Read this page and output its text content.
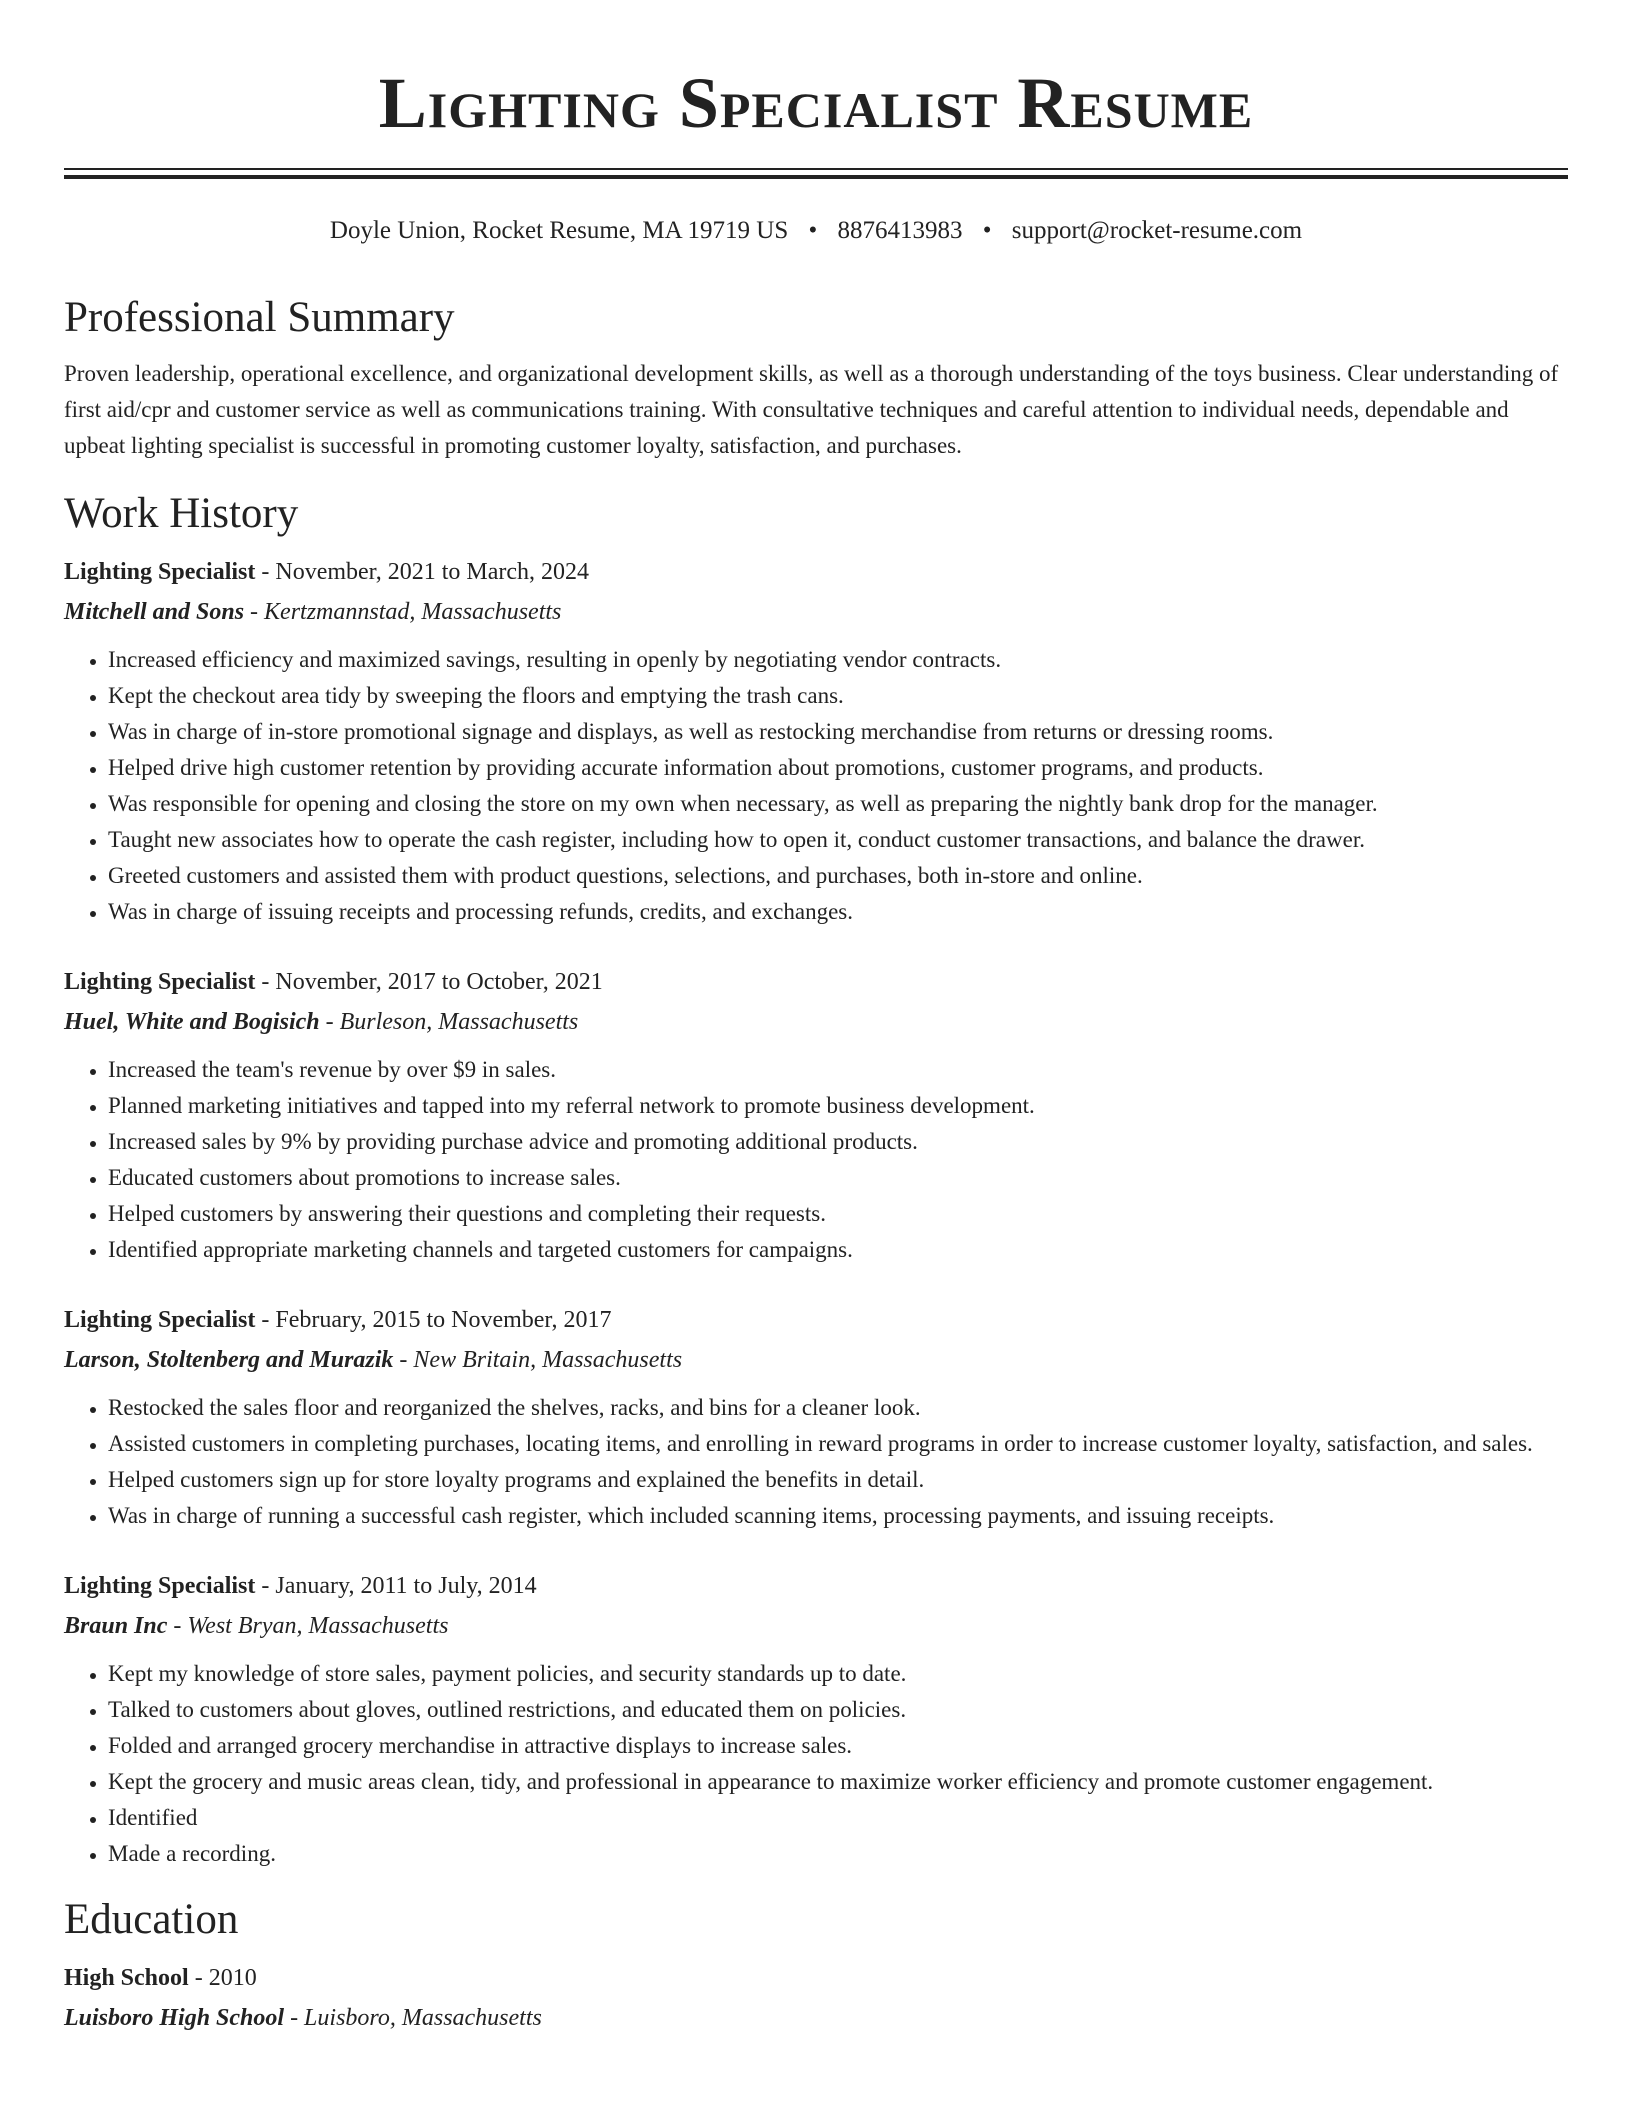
Lighting Specialist Resume
Doyle Union, Rocket Resume, MA 19719 US • 8876413983 • support@rocket-resume.com
Professional Summary

Proven leadership, operational excellence, and organizational development skills, as well as a thorough understanding of the toys business. Clear understanding of first aid/cpr and customer service as well as communications training. With consultative techniques and careful attention to individual needs, dependable and upbeat lighting specialist is successful in promoting customer loyalty, satisfaction, and purchases.

Work History
Lighting Specialist - November, 2021 to March, 2024
Mitchell and Sons - Kertzmannstad, Massachusetts
• Increased efficiency and maximized savings, resulting in openly by negotiating vendor contracts.
• Kept the checkout area tidy by sweeping the floors and emptying the trash cans.
• Was in charge of in-store promotional signage and displays, as well as restocking merchandise from returns or dressing rooms.
• Helped drive high customer retention by providing accurate information about promotions, customer programs, and products.
• Was responsible for opening and closing the store on my own when necessary, as well as preparing the nightly bank drop for the manager.
• Taught new associates how to operate the cash register, including how to open it, conduct customer transactions, and balance the drawer.
• Greeted customers and assisted them with product questions, selections, and purchases, both in-store and online.
• Was in charge of issuing receipts and processing refunds, credits, and exchanges.
Lighting Specialist - November, 2017 to October, 2021
Huel, White and Bogisich - Burleson, Massachusetts
• Increased the team's revenue by over $9 in sales.
• Planned marketing initiatives and tapped into my referral network to promote business development.
• Increased sales by 9% by providing purchase advice and promoting additional products.
• Educated customers about promotions to increase sales.
• Helped customers by answering their questions and completing their requests.
• Identified appropriate marketing channels and targeted customers for campaigns.
Lighting Specialist - February, 2015 to November, 2017
Larson, Stoltenberg and Murazik - New Britain, Massachusetts
• Restocked the sales floor and reorganized the shelves, racks, and bins for a cleaner look.
• Assisted customers in completing purchases, locating items, and enrolling in reward programs in order to increase customer loyalty, satisfaction, and sales.
• Helped customers sign up for store loyalty programs and explained the benefits in detail.
• Was in charge of running a successful cash register, which included scanning items, processing payments, and issuing receipts.
Lighting Specialist - January, 2011 to July, 2014
Braun Inc - West Bryan, Massachusetts
• Kept my knowledge of store sales, payment policies, and security standards up to date.
• Talked to customers about gloves, outlined restrictions, and educated them on policies.
• Folded and arranged grocery merchandise in attractive displays to increase sales.
• Kept the grocery and music areas clean, tidy, and professional in appearance to maximize worker efficiency and promote customer engagement.
• Identified
• Made a recording.
Education
High School - 2010
Luisboro High School - Luisboro, Massachusetts
